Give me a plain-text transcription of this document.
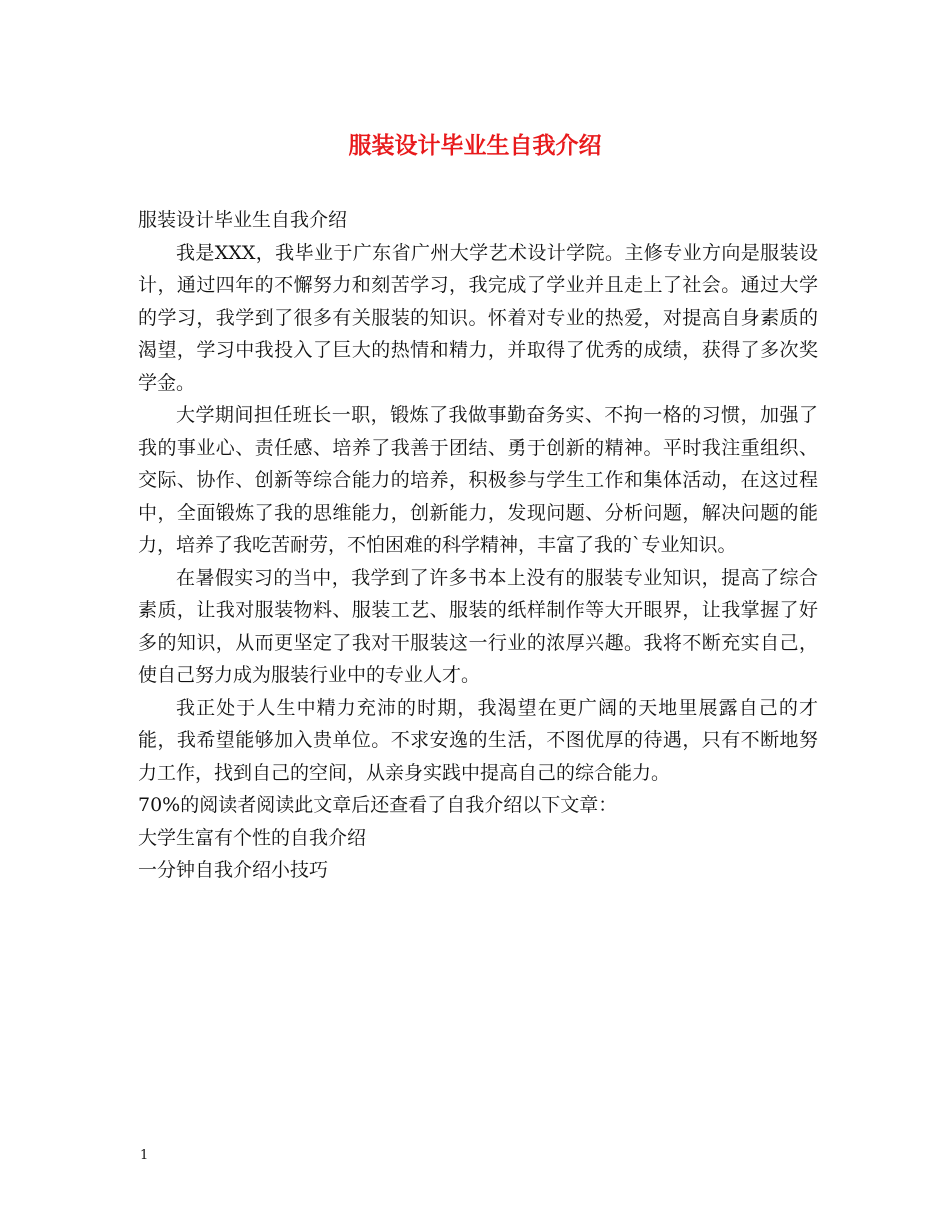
服装设计毕业生自我介绍

服装设计毕业生自我介绍

我是XXX，我毕业于广东省广州大学艺术设计学院。主修专业方向是服装设计，通过四年的不懈努力和刻苦学习，我完成了学业并且走上了社会。通过大学的学习，我学到了很多有关服装的知识。怀着对专业的热爱，对提高自身素质的渴望，学习中我投入了巨大的热情和精力，并取得了优秀的成绩，获得了多次奖学金。

大学期间担任班长一职，锻炼了我做事勤奋务实、不拘一格的习惯，加强了我的事业心、责任感、培养了我善于团结、勇于创新的精神。平时我注重组织、交际、协作、创新等综合能力的培养，积极参与学生工作和集体活动，在这过程中，全面锻炼了我的思维能力，创新能力，发现问题、分析问题，解决问题的能力，培养了我吃苦耐劳，不怕困难的科学精神，丰富了我的`专业知识。

在暑假实习的当中，我学到了许多书本上没有的服装专业知识，提高了综合素质，让我对服装物料、服装工艺、服装的纸样制作等大开眼界，让我掌握了好多的知识，从而更坚定了我对干服装这一行业的浓厚兴趣。我将不断充实自己，使自己努力成为服装行业中的专业人才。

我正处于人生中精力充沛的时期，我渴望在更广阔的天地里展露自己的才能，我希望能够加入贵单位。不求安逸的生活，不图优厚的待遇，只有不断地努力工作，找到自己的空间，从亲身实践中提高自己的综合能力。

70%的阅读者阅读此文章后还查看了自我介绍以下文章：

大学生富有个性的自我介绍

一分钟自我介绍小技巧

1
